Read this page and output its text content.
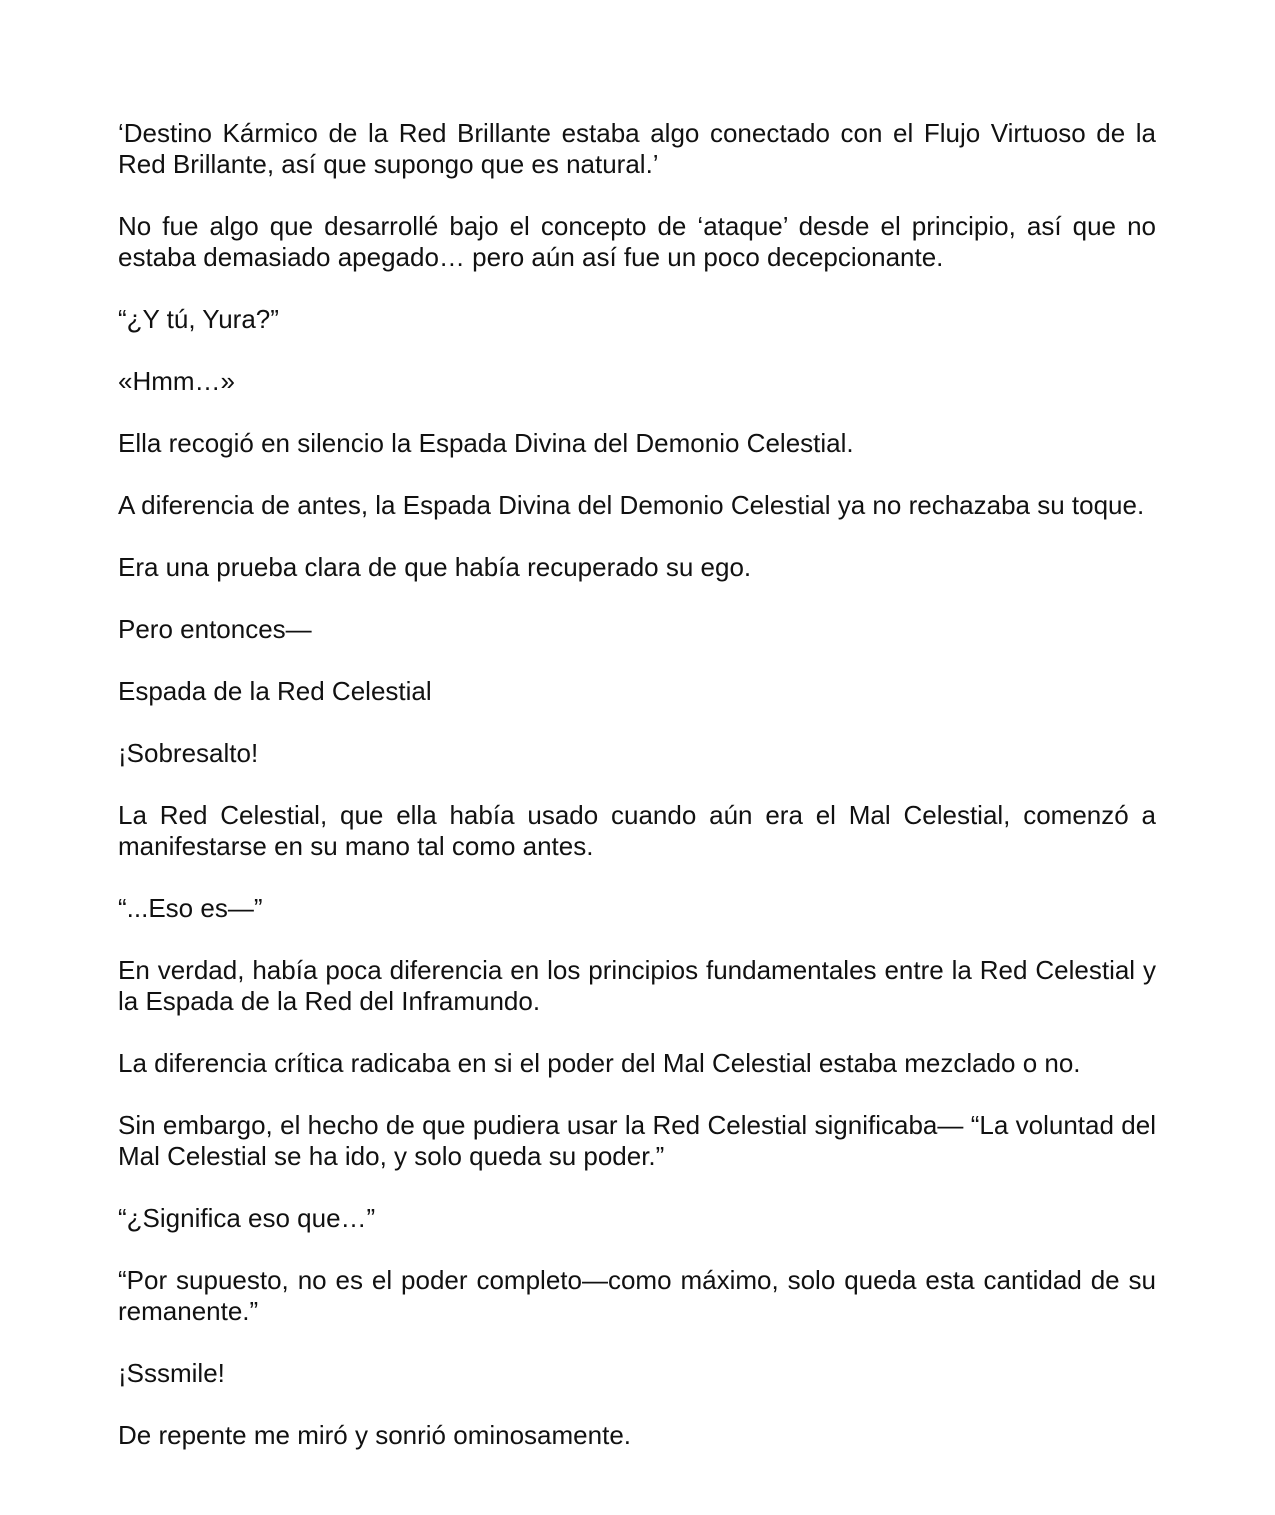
‘Destino Kármico de la Red Brillante estaba algo conectado con el Flujo Virtuoso de la Red Brillante, así que supongo que es natural.’

No fue algo que desarrollé bajo el concepto de ‘ataque’ desde el principio, así que no estaba demasiado apegado… pero aún así fue un poco decepcionante.

“¿Y tú, Yura?”

«Hmm…»

Ella recogió en silencio la Espada Divina del Demonio Celestial.

A diferencia de antes, la Espada Divina del Demonio Celestial ya no rechazaba su toque.

Era una prueba clara de que había recuperado su ego.

Pero entonces—

Espada de la Red Celestial

¡Sobresalto!

La Red Celestial, que ella había usado cuando aún era el Mal Celestial, comenzó a manifestarse en su mano tal como antes.

“...Eso es—”

En verdad, había poca diferencia en los principios fundamentales entre la Red Celestial y la Espada de la Red del Inframundo.

La diferencia crítica radicaba en si el poder del Mal Celestial estaba mezclado o no.

Sin embargo, el hecho de que pudiera usar la Red Celestial significaba— “La voluntad del Mal Celestial se ha ido, y solo queda su poder.”

“¿Significa eso que…”

“Por supuesto, no es el poder completo—como máximo, solo queda esta cantidad de su remanente.”

¡Sssmile!

De repente me miró y sonrió ominosamente.
